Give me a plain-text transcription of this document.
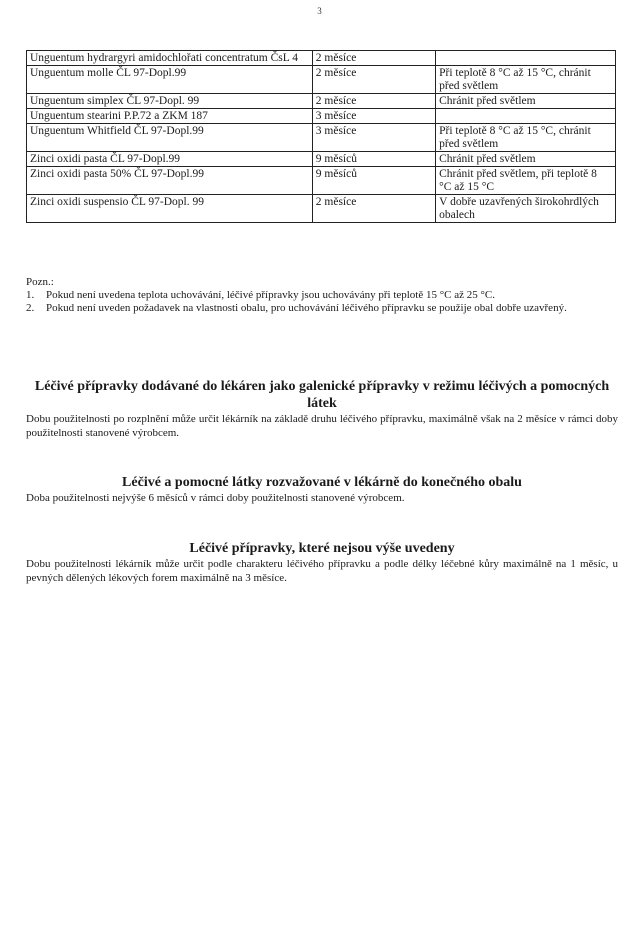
3
Unguentum hydrargyri amidochlořati concentratum ČsL 4	2 měsíce	
Unguentum molle ČL 97-Dopl.99	2 měsíce	Při teplotě 8 °C až 15 °C, chránit před světlem
Unguentum simplex ČL 97-Dopl. 99	2 měsíce	Chránit před světlem
Unguentum stearini P.P.72 a ZKM 187	3 měsíce	
Unguentum Whitfield ČL 97-Dopl.99	3 měsíce	Při teplotě 8 °C až 15 °C, chránit před světlem
Zinci oxidi pasta ČL 97-Dopl.99	9 měsíců	Chránit před světlem
Zinci oxidi pasta 50% ČL 97-Dopl.99	9 měsíců	Chránit před světlem, při teplotě 8 °C až 15 °C
Zinci oxidi suspensio ČL 97-Dopl. 99	2 měsíce	V dobře uzavřených širokohrdlých obalech
Pozn.:
1.	Pokud není uvedena teplota uchovávání, léčivé přípravky jsou uchovávány při teplotě 15 °C až 25 °C.
2.	Pokud není uveden požadavek na vlastnosti obalu, pro uchovávání léčivého přípravku se použije obal dobře uzavřený.
Léčivé přípravky dodávané do lékáren jako galenické přípravky v režimu léčivých a pomocných látek

Dobu použitelnosti po rozplnění může určit lékárník na základě druhu léčivého přípravku, maximálně však na 2 měsíce v rámci doby použitelnosti stanovené výrobcem.

Léčivé a pomocné látky rozvažované v lékárně do konečného obalu

Doba použitelnosti nejvýše 6 měsíců v rámci doby použitelnosti stanovené výrobcem.

Léčivé přípravky, které nejsou výše uvedeny

Dobu použitelnosti lékárník může určit podle charakteru léčivého přípravku a podle délky léčebné kůry maximálně na 1 měsíc, u pevných dělených lékových forem maximálně na 3 měsíce.
